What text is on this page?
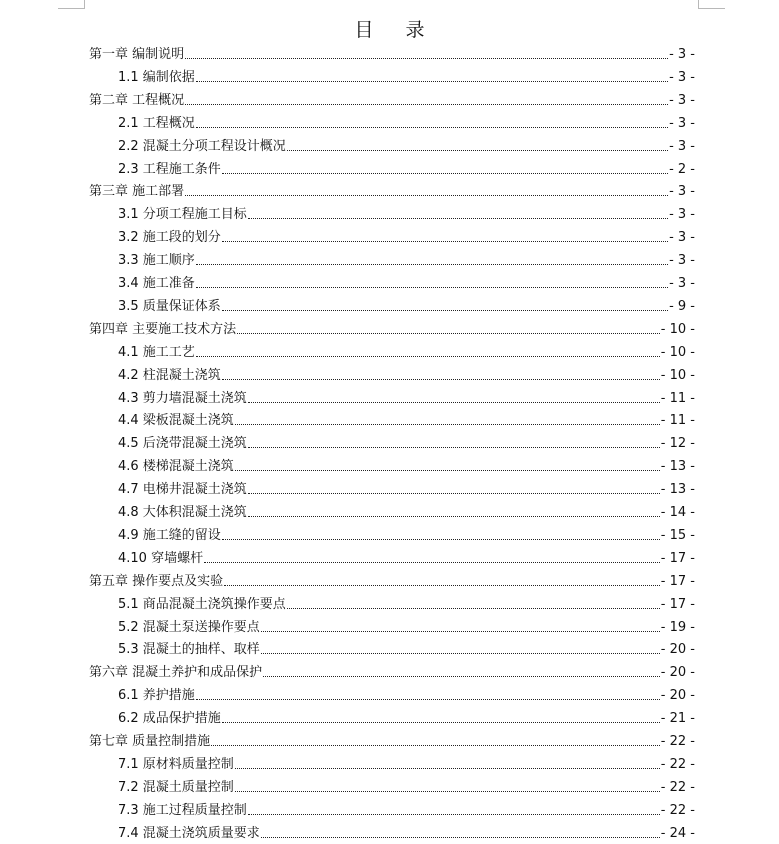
目 录
第一章 编制说明	- 3 -
1.1 编制依据	- 3 -
第二章 工程概况	- 3 -
2.1 工程概况	- 3 -
2.2 混凝土分项工程设计概况	- 3 -
2.3 工程施工条件	- 2 -
第三章 施工部署	- 3 -
3.1 分项工程施工目标	- 3 -
3.2 施工段的划分	- 3 -
3.3 施工顺序	- 3 -
3.4 施工准备	- 3 -
3.5 质量保证体系	- 9 -
第四章 主要施工技术方法	- 10 -
4.1 施工工艺	- 10 -
4.2 柱混凝土浇筑	- 10 -
4.3 剪力墙混凝土浇筑	- 11 -
4.4 梁板混凝土浇筑	- 11 -
4.5 后浇带混凝土浇筑	- 12 -
4.6 楼梯混凝土浇筑	- 13 -
4.7 电梯井混凝土浇筑	- 13 -
4.8 大体积混凝土浇筑	- 14 -
4.9 施工缝的留设	- 15 -
4.10 穿墙螺杆	- 17 -
第五章 操作要点及实验	- 17 -
5.1 商品混凝土浇筑操作要点	- 17 -
5.2 混凝土泵送操作要点	- 19 -
5.3 混凝土的抽样、取样	- 20 -
第六章 混凝土养护和成品保护	- 20 -
6.1 养护措施	- 20 -
6.2 成品保护措施	- 21 -
第七章 质量控制措施	- 22 -
7.1 原材料质量控制	- 22 -
7.2 混凝土质量控制	- 22 -
7.3 施工过程质量控制	- 22 -
7.4 混凝土浇筑质量要求	- 24 -
